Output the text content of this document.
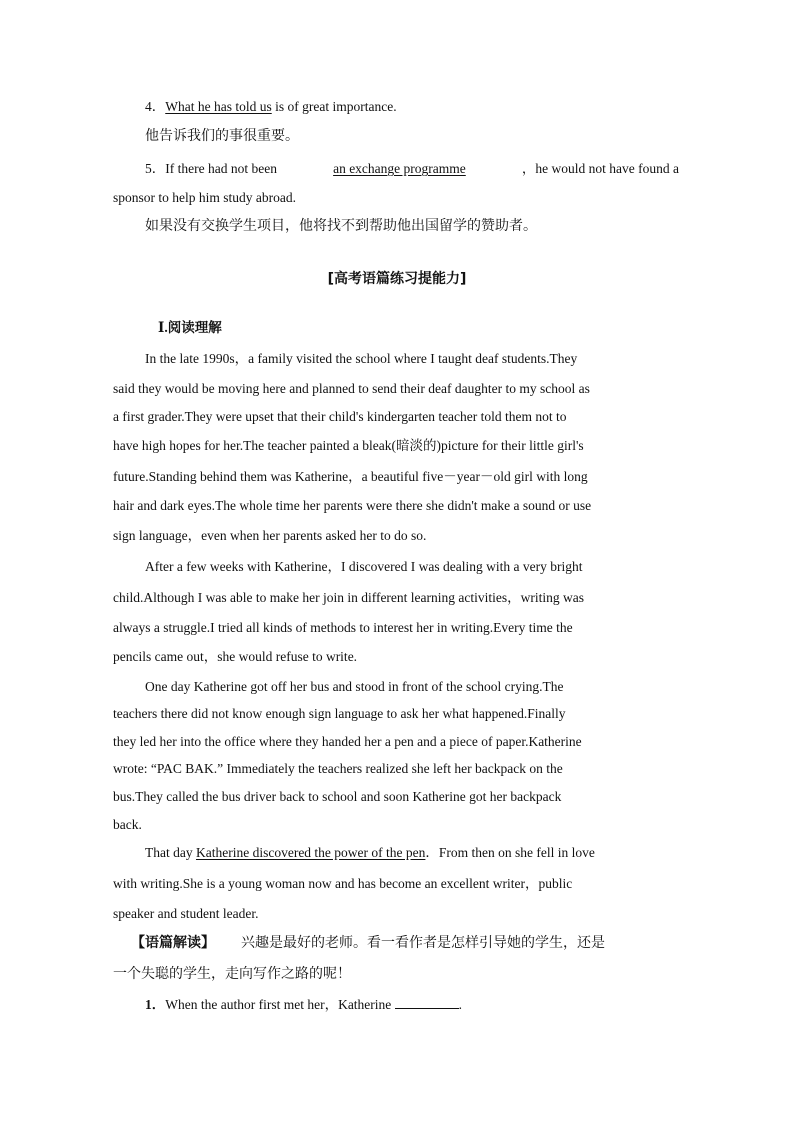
4．What he has told us is of great importance.
他告诉我们的事很重要。
5．If there had not been	an exchange programme	，he would not have found a
sponsor to help him study abroad.
如果没有交换学生项目，他将找不到帮助他出国留学的赞助者。
[高考语篇练习提能力]
Ⅰ.阅读理解
In the late 1990s，a family visited the school where I taught deaf students.They
said they would be moving here and planned to send their deaf daughter to my school as
a first grader.They were upset that their child's kindergarten teacher told them not to
have high hopes for her.The teacher painted a bleak(暗淡的)picture for their little girl's
future.Standing behind them was Katherine，a beautiful five－year－old girl with long
hair and dark eyes.The whole time her parents were there she didn't make a sound or use
sign language，even when her parents asked her to do so.
After a few weeks with Katherine，I discovered I was dealing with a very bright
child.Although I was able to make her join in different learning activities，writing was
always a struggle.I tried all kinds of methods to interest her in writing.Every time the
pencils came out，she would refuse to write.
One day Katherine got off her bus and stood in front of the school crying.The
teachers there did not know enough sign language to ask her what happened.Finally
they led her into the office where they handed her a pen and a piece of paper.Katherine
wrote: “PAC BAK.” Immediately the teachers realized she left her backpack on the
bus.They called the bus driver back to school and soon Katherine got her backpack
back.
That day Katherine discovered the power of the pen．From then on she fell in love
with writing.She is a young woman now and has become an excellent writer，public
speaker and student leader.
【语篇解读】 兴趣是最好的老师。看一看作者是怎样引导她的学生，还是
一个失聪的学生，走向写作之路的呢！
1．When the author first met her，Katherine	.
